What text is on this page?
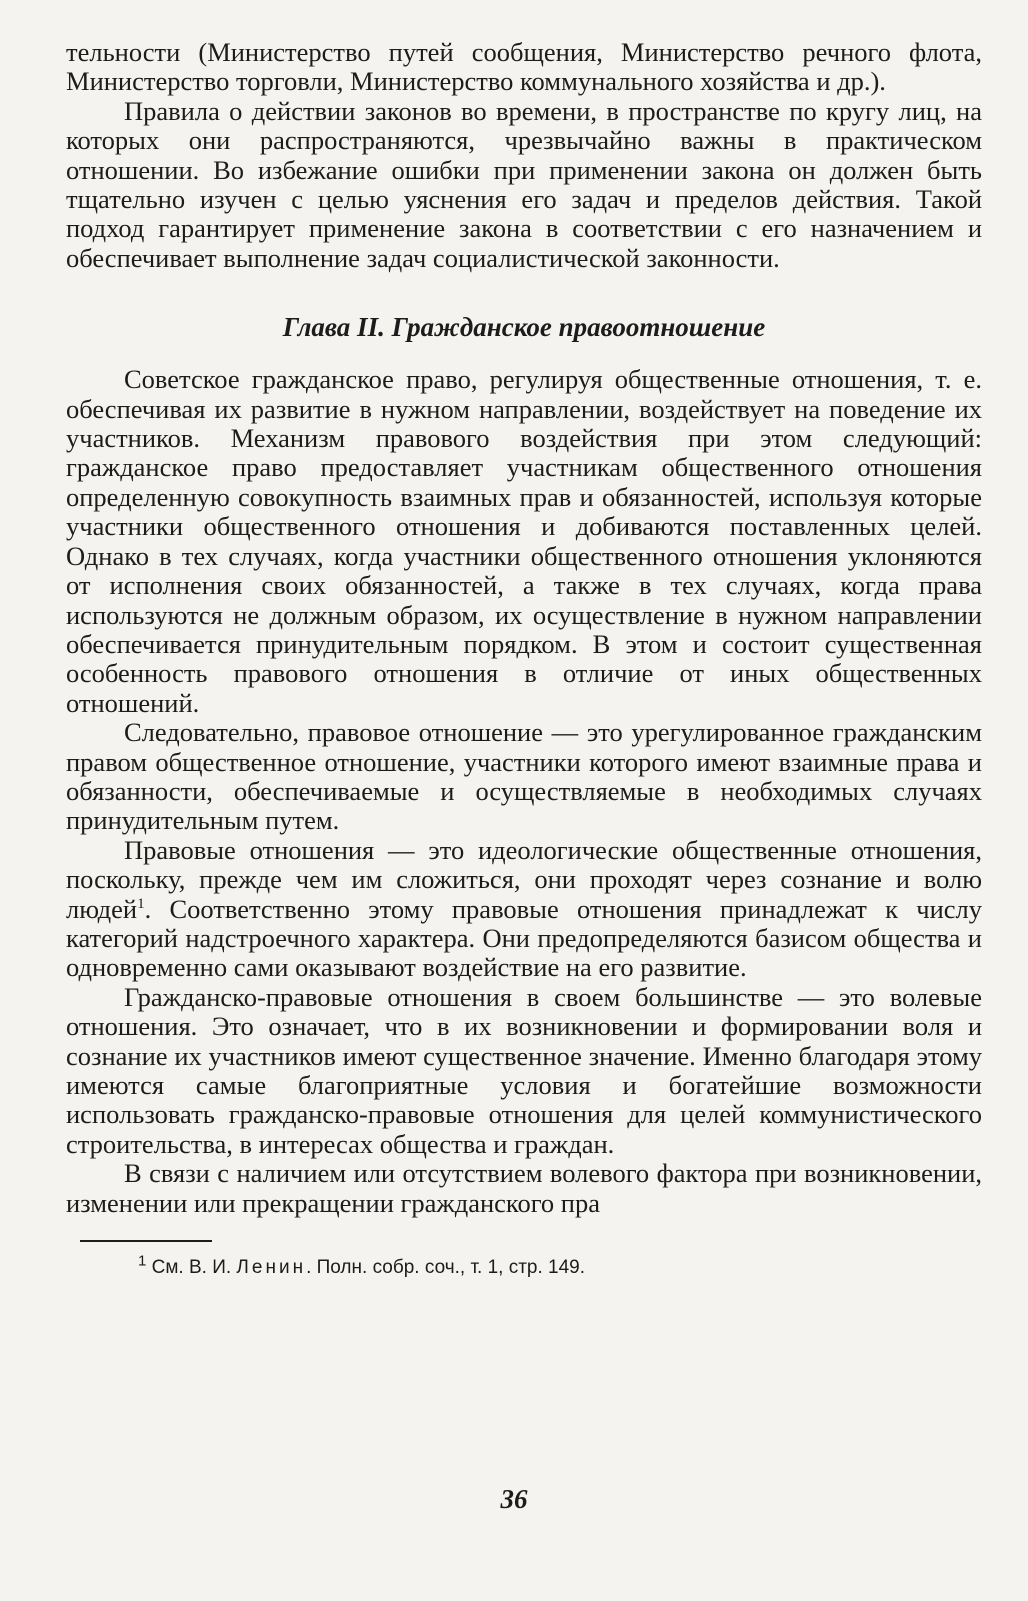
тельности (Министерство путей сообщения, Министерство речного флота, Министерство торговли, Министерство коммунального хозяйства и др.).

Правила о действии законов во времени, в пространстве по кругу лиц, на которых они распространяются, чрезвычайно важны в практическом отношении. Во избежание ошибки при применении закона он должен быть тщательно изучен с целью уяснения его задач и пределов действия. Такой подход гарантирует применение закона в соответствии с его назначением и обеспечивает выполнение задач социалистической законности.

Глава II. Гражданское правоотношение

Советское гражданское право, регулируя общественные отношения, т. е. обеспечивая их развитие в нужном направлении, воздействует на поведение их участников. Механизм правового воздействия при этом следующий: гражданское право предоставляет участникам общественного отношения определенную совокупность взаимных прав и обязанностей, используя которые участники общественного отношения и добиваются поставленных целей. Однако в тех случаях, когда участники общественного отношения уклоняются от исполнения своих обязанностей, а также в тех случаях, когда права используются не должным образом, их осуществление в нужном направлении обеспечивается принудительным порядком. В этом и состоит существенная особенность правового отношения в отличие от иных общественных отношений.

Следовательно, правовое отношение — это урегулированное гражданским правом общественное отношение, участники которого имеют взаимные права и обязанности, обеспечиваемые и осуществляемые в необходимых случаях принудительным путем.

Правовые отношения — это идеологические общественные отношения, поскольку, прежде чем им сложиться, они проходят через сознание и волю людей$^1$. Соответственно этому правовые отношения принадлежат к числу категорий надстроечного характера. Они предопределяются базисом общества и одновременно сами оказывают воздействие на его развитие.

Гражданско-правовые отношения в своем большинстве — это волевые отношения. Это означает, что в их возникновении и формировании воля и сознание их участников имеют существенное значение. Именно благодаря этому имеются самые благоприятные условия и богатейшие возможности использовать гражданско-правовые отношения для целей коммунистического строительства, в интересах общества и граждан.

В связи с наличием или отсутствием волевого фактора при возникновении, изменении или прекращении гражданского пра

$^1$ См. В. И. Ленин. Полн. собр. соч., т. 1, стр. 149.

36
